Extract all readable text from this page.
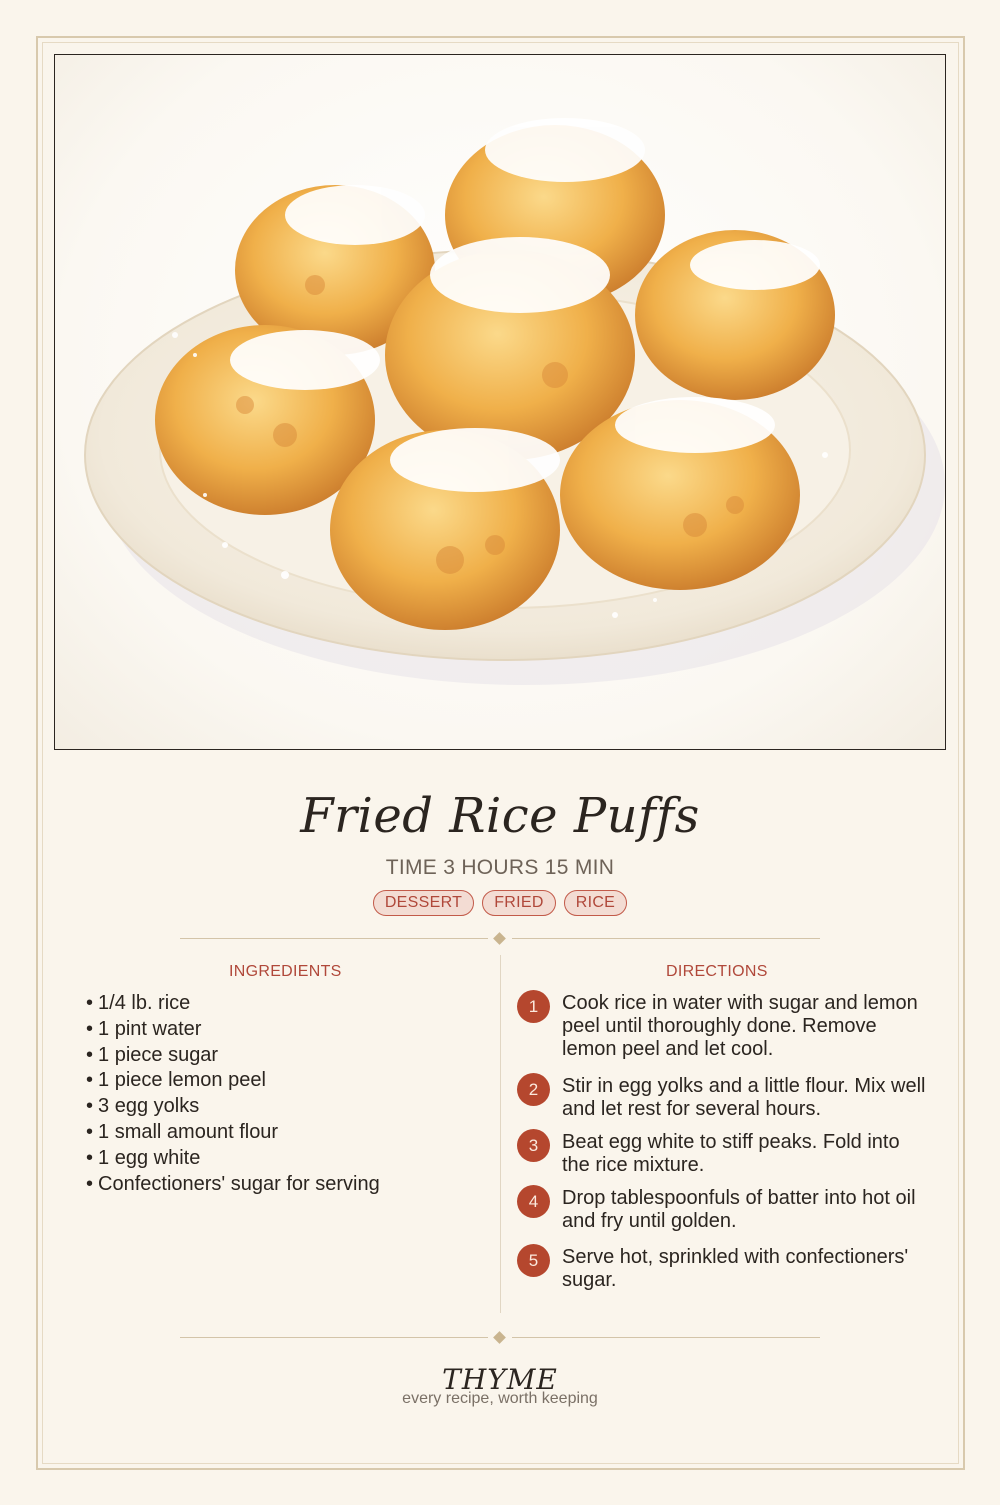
Fried Rice Puffs
TIME 3 HOURS 15 MIN
DESSERT	FRIED	RICE
INGREDIENTS
• 1/4 lb. rice
• 1 pint water
• 1 piece sugar
• 1 piece lemon peel
• 3 egg yolks
• 1 small amount flour
• 1 egg white
• Confectioners' sugar for serving
DIRECTIONS
1	Cook rice in water with sugar and lemon peel until thoroughly done. Remove lemon peel and let cool.
2	Stir in egg yolks and a little flour. Mix well and let rest for several hours.
3	Beat egg white to stiff peaks. Fold into the rice mixture.
4	Drop tablespoonfuls of batter into hot oil and fry until golden.
5	Serve hot, sprinkled with confectioners' sugar.
THYME
every recipe, worth keeping
